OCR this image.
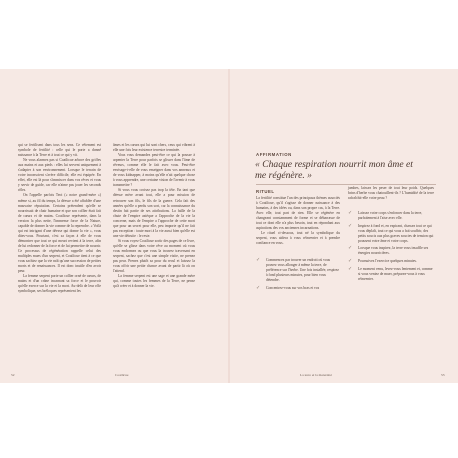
qui se fertilisent dans tous les sens. Ce vêtement est symbole de fertilité : celle qui le porte a donné naissance à la Terre et à tout ce qui y vit.

Ne vous alarmez pas si Coatlicue arbore des griffes aux mains et aux pieds : elles lui servent uniquement à s'adapter à son environnement. Lorsque le terrain de votre inconscient s'avère difficile, elle est équipée. En effet, elle est là pour s'immiscer dans vos rêves et vous y servir de guide, car elle n'aime pas jouer les seconds rôles.

On l'appelle parfois Teoi (« notre grand-mère ») même si, au fil du temps, la déesse a été affublée d'une mauvaise réputation. Certains prétendent qu'elle se nourrissait de chair humaine et que son collier était fait de cœurs et de mains. Coatlicue représente, dans la version la plus nette, l'immense force de la Nature, capable de donner la vie comme de la reprendre. « Voilà qui est intrigant d'une déesse qui donne la vie », vous dites-vous. Pourtant, c'est sa façon à elle de vous démontrer que tout ce qui meurt revient à la terre, afin de lui redonner de la force et de lui permettre de nourrir. Ce processus de régénération rappelle celui des multiples mues d'un serpent, et Coatlicue tient à ce que vous sachiez que la vie naît qu'une succession de petites morts et de renaissances. Il est donc inutile d'en avoir peur.

La femme serpent porte un collier orné de cœurs, de mains et d'un crâne incarnant sa force et le pouvoir qu'elle exerce sur la vie et la mort. Au-delà de leur rôle symbolique, ses bréloques représentent les

âmes et les cœurs qui lui sont chers, ceux qui vibrent à elle une fois leur existence terrestre terminée.

Vous vous demandez peut-être ce qui la pousse à arpenter la Terre pour parfois se glisser dans l'âme de rêveurs, comme elle le fait avec vous. Peut-être envisage-t-elle de vous enseigner dans vos anneaux et de vous kidnapper, à moins qu'elle n'ait quelque chose à vous apprendre, une certaine vision de l'avenir à vous transmettre ?

Si vous vous croisez pas trop la tête. En tant que déesse mère avant tout, elle a pour mission de retrouver son fils, le fils de la guerre. Cela fait des années qu'elle a perdu son sort, car la connaissance du destin fait partie de ses attributions. La faille de la chute de l'empire aztèque a l'approche de la vie la concerne, mais de l'empire a l'approche de cette mort que pour un secret pour elle, peu importe qu'il ne fait pas exception : toute mort à la vie aussi bien qu'elle est une vie détruite : le reste.

Si vous voyez Coatlicue sortir des pages de ce livre, qu'elle se glisse dans votre rêve au moment où vous vous endormez ou que vous la trouvez traversant en serpent, sachez que c'est une simple visite, ne prenez pas peur. Prenez plutôt sa pour du recul et laissez la vous offrir une petite chance avant de partir là où on l'attend.

La femme serpent est une sage et une grande mère qui, comme toutes les femmes de la Terre, ne pense qu'à créer et à donner la vie.

52	Coatlicue
AFFIRMATION
« Chaque respiration nourrit mon âme et me régénère. »
RITUEL

La fertilité constitue l'un des principaux thèmes associés à Coatlicue, qu'il s'agisse de donner naissance à des humains, à des idées ou, dans son propre cas, à la Terre. Avec elle, tout part de rien. Elle se régénère en changeant constamment de forme et se débarrasse de tout ce dont elle n'a plus besoin, tout en répondant aux aspirations des vos anciennes incarnations.

Le rituel ci-dessous, tout né la symbolique du serpent, vous aidera à vous réinventer et à prendre confiance en vous.

✓ Commencez par trouver un endroit où vous pouvez vous allonger à même la terre, de préférence sur l'herbe. Une fois installée, respirez à fond plusieurs minutes, pour bien vous détendre.
✓ Concentrez-vous sur vos bras et vos

jambes, laissez les peser de tout leur poids. Quelques brins d'herbe vous chatouillent-ils ? L'humidité de la terre rafraîchit-elle votre peau ?

✓ Laissez votre corps s'enfoncer dans la terre, parfaitement à l'aise avec elle.
✓ Inspirez à fond et, en expirant, chassez tout ce qui vous déplaît, tout ce qui vous a fait souffrir, des petits soucis aux plus graves soucies de tension qui poussent votre âme et votre corps.
✓ Lorsque vous inspirez, la terre vous insuffle ses énergies nourricières.
✓ Poursuivez l'exercice quelques minutes.
✓ Le moment venu, levez-vous lentement et, comme si vous veniez de muer, préparez-vous à vous réinventer.
La terre et la maternité	53
